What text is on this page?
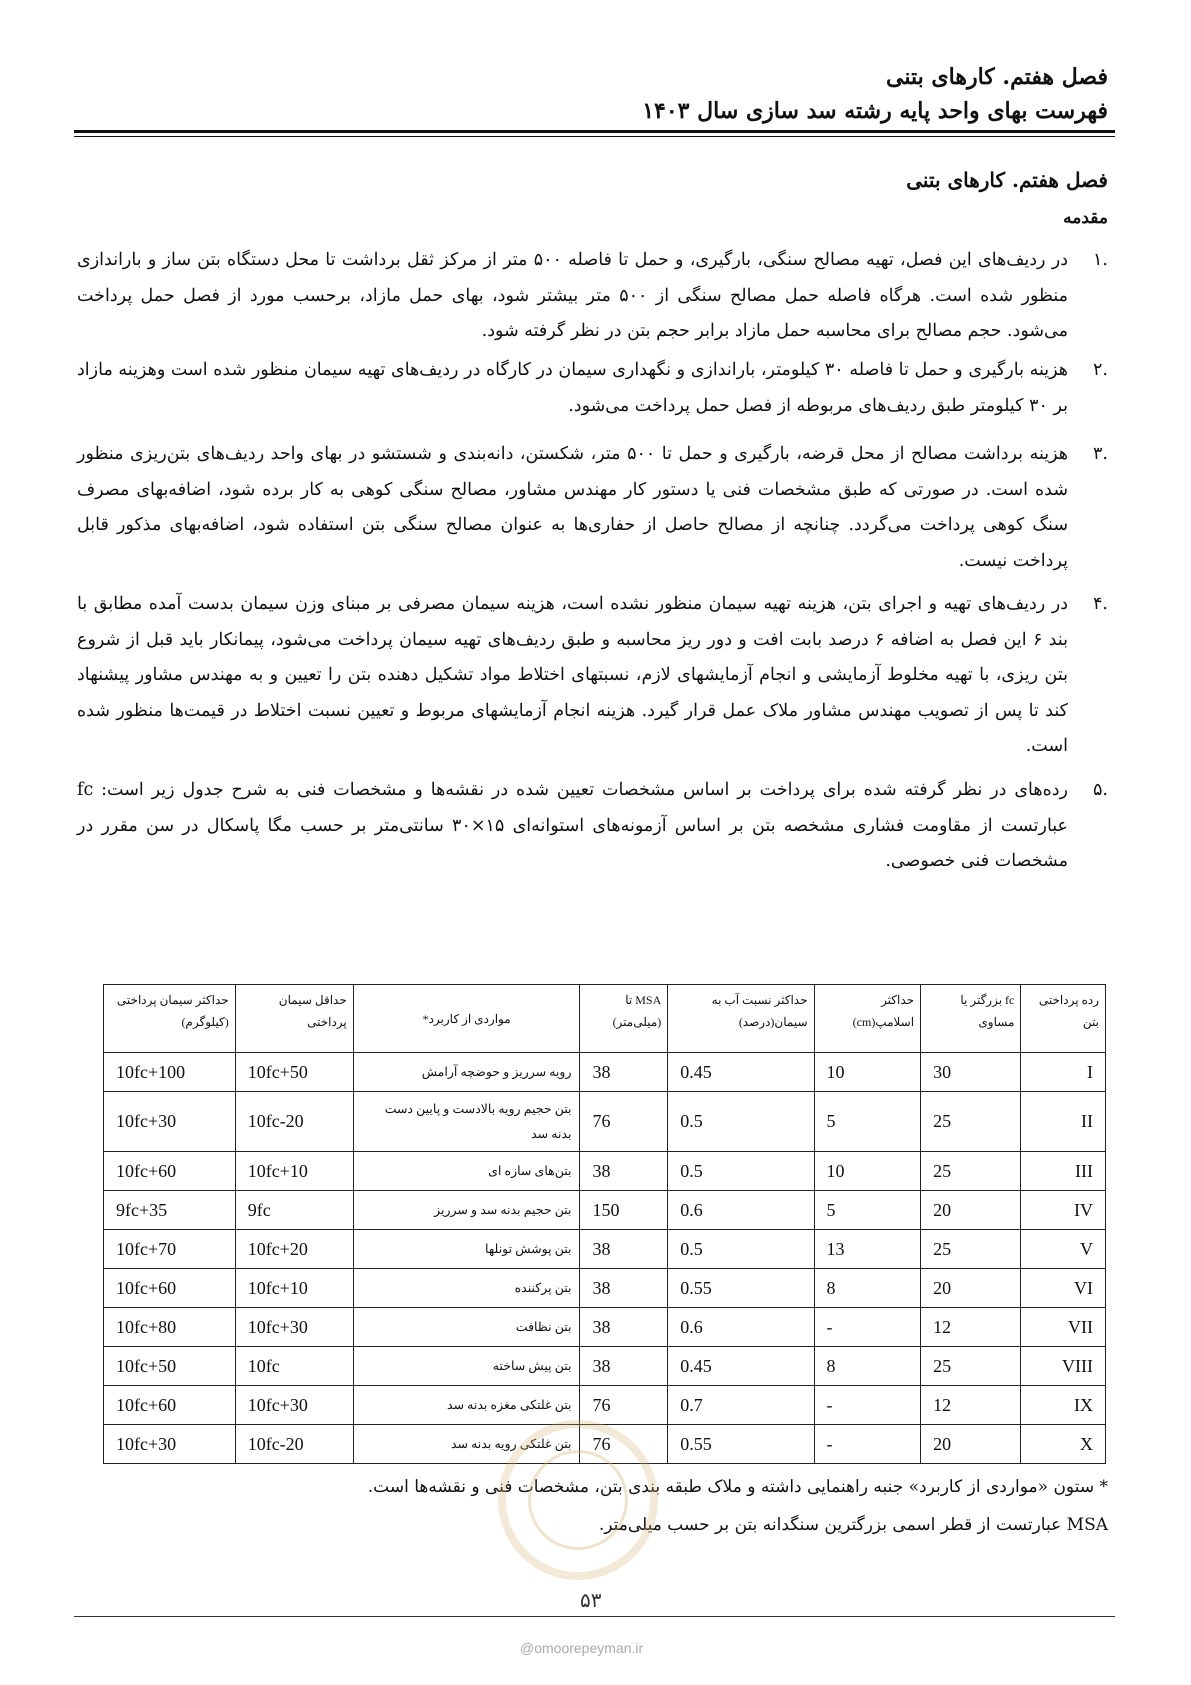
فصل هفتم. کارهای بتنی
فهرست بهای واحد پایه رشته سد سازی سال ۱۴۰۳
فصل هفتم. کارهای بتنی
مقدمه
.۱
در ردیف‌های این فصل، تهیه مصالح سنگی، بارگیری، و حمل تا فاصله ۵۰۰ متر از مرکز ثقل برداشت تا محل دستگاه بتن ساز و باراندازی منظور شده است. هرگاه فاصله حمل مصالح سنگی از ۵۰۰ متر بیشتر شود، بهای حمل مازاد، برحسب مورد از فصل حمل پرداخت می‌شود. حجم مصالح برای محاسبه حمل مازاد برابر حجم بتن در نظر گرفته شود.
.۲
هزینه بارگیری و حمل تا فاصله ۳۰ کیلومتر، باراندازی و نگهداری سیمان در کارگاه در ردیف‌های تهیه سیمان منظور شده است وهزینه مازاد بر ۳۰ کیلومتر طبق ردیف‌های مربوطه از فصل حمل پرداخت می‌شود.
.۳
هزینه برداشت مصالح از محل قرضه، بارگیری و حمل تا ۵۰۰ متر، شکستن، دانه‌بندی و شستشو در بهای واحد ردیف‌های بتن‌ریزی منظور شده است. در صورتی که طبق مشخصات فنی یا دستور کار مهندس مشاور، مصالح سنگی کوهی به کار برده شود، اضافه‌بهای مصرف سنگ کوهی پرداخت می‌گردد. چنانچه از مصالح حاصل از حفاری‌ها به عنوان مصالح سنگی بتن استفاده شود، اضافه‌بهای مذکور قابل پرداخت نیست.
.۴
در ردیف‌های تهیه و اجرای بتن، هزینه تهیه سیمان منظور نشده است، هزینه سیمان مصرفی بر مبنای وزن سیمان بدست آمده مطابق با بند ۶ این فصل به اضافه ۶ درصد بابت افت و دور ریز محاسبه و طبق ردیف‌های تهیه سیمان پرداخت می‌شود، پیمانکار باید قبل از شروع بتن ریزی، با تهیه مخلوط آزمایشی و انجام آزمایشهای لازم، نسبتهای اختلاط مواد تشکیل دهنده بتن را تعیین و به مهندس مشاور پیشنهاد کند تا پس از تصویب مهندس مشاور ملاک عمل قرار گیرد. هزینه انجام آزمایشهای مربوط و تعیین نسبت اختلاط در قیمت‌ها منظور شده است.
.۵
رده‌های در نظر گرفته شده برای پرداخت بر اساس مشخصات تعیین شده در نقشه‌ها و مشخصات فنی به شرح جدول زیر است: fc عبارتست از مقاومت فشاری مشخصه بتن بر اساس آزمونه‌های استوانه‌ای ۱۵×۳۰ سانتی‌متر بر حسب مگا پاسکال در سن مقرر در مشخصات فنی خصوصی.
رده پرداختی بتن	fc بزرگتر یا مساوی	حداکثر اسلامپ(cm)	حداکثر نسبت آب به سیمان(درصد)	MSA تا (میلی‌متر)	مواردی از کاربرد*	حداقل سیمان پرداختی	حداکثر سیمان پرداختی (کیلوگرم)
I	30	10	0.45	38	رویه سرریز و حوضچه آرامش	10fc+50	10fc+100
II	25	5	0.5	76	بتن حجیم رویه بالادست و پایین دست بدنه سد	10fc-20	10fc+30
III	25	10	0.5	38	بتن‌های سازه ای	10fc+10	10fc+60
IV	20	5	0.6	150	بتن حجیم بدنه سد و سرریز	9fc	9fc+35
V	25	13	0.5	38	بتن پوشش تونلها	10fc+20	10fc+70
VI	20	8	0.55	38	بتن پرکننده	10fc+10	10fc+60
VII	12	-	0.6	38	بتن نظافت	10fc+30	10fc+80
VIII	25	8	0.45	38	بتن پیش ساخته	10fc	10fc+50
IX	12	-	0.7	76	بتن غلتکی مغزه بدنه سد	10fc+30	10fc+60
X	20	-	0.55	76	بتن غلتکی رویه بدنه سد	10fc-20	10fc+30
* ستون «مواردی از کاربرد» جنبه راهنمایی داشته و ملاک طبقه بندی بتن، مشخصات فنی و نقشه‌ها است.
MSA عبارتست از قطر اسمی بزرگترین سنگدانه بتن بر حسب میلی‌متر.
۵۳
@omoorepeyman.ir
